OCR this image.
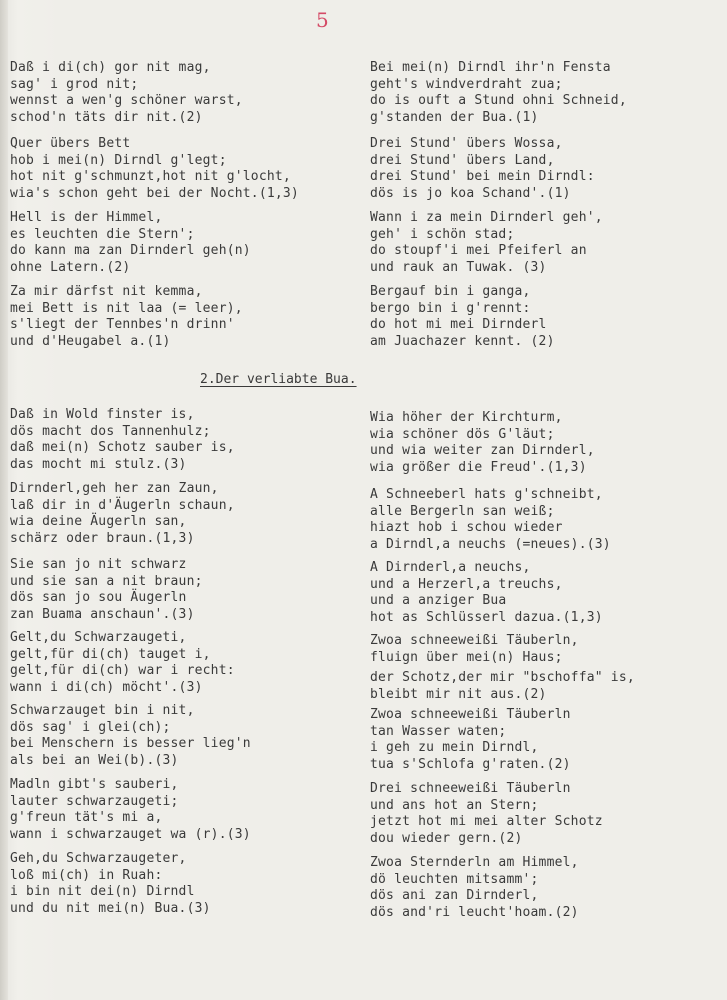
5
Daß i di(ch) gor nit mag,
sag' i grod nit;
wennst a wen'g schöner warst,
schod'n täts dir nit.(2)
Quer übers Bett
hob i mei(n) Dirndl g'legt;
hot nit g'schmunzt,hot nit g'locht,
wia's schon geht bei der Nocht.(1,3)
Hell is der Himmel,
es leuchten die Stern';
do kann ma zan Dirnderl geh(n)
ohne Latern.(2)
Za mir därfst nit kemma,
mei Bett is nit laa (= leer),
s'liegt der Tennbes'n drinn'
und d'Heugabel a.(1)
Bei mei(n) Dirndl ihr'n Fensta
geht's windverdraht zua;
do is ouft a Stund ohni Schneid,
g'standen der Bua.(1)
Drei Stund' übers Wossa,
drei Stund' übers Land,
drei Stund' bei mein Dirndl:
dös is jo koa Schand'.(1)
Wann i za mein Dirnderl geh',
geh' i schön stad;
do stoupf'i mei Pfeiferl an
und rauk an Tuwak. (3)
Bergauf bin i ganga,
bergo bin i g'rennt:
do hot mi mei Dirnderl
am Juachazer kennt. (2)
2.Der verliabte Bua.
Daß in Wold finster is,
dös macht dos Tannenhulz;
daß mei(n) Schotz sauber is,
das mocht mi stulz.(3)
Dirnderl,geh her zan Zaun,
laß dir in d'Äugerln schaun,
wia deine Äugerln san,
schärz oder braun.(1,3)
Sie san jo nit schwarz
und sie san a nit braun;
dös san jo sou Äugerln
zan Buama anschaun'.(3)
Gelt,du Schwarzaugeti,
gelt,für di(ch) tauget i,
gelt,für di(ch) war i recht:
wann i di(ch) möcht'.(3)
Schwarzauget bin i nit,
dös sag' i glei(ch);
bei Menschern is besser lieg'n
als bei an Wei(b).(3)
Madln gibt's sauberi,
lauter schwarzaugeti;
g'freun tät's mi a,
wann i schwarzauget wa (r).(3)
Geh,du Schwarzaugeter,
loß mi(ch) in Ruah:
i bin nit dei(n) Dirndl
und du nit mei(n) Bua.(3)
Wia höher der Kirchturm,
wia schöner dös G'läut;
und wia weiter zan Dirnderl,
wia größer die Freud'.(1,3)
A Schneeberl hats g'schneibt,
alle Bergerln san weiß;
hiazt hob i schou wieder
a Dirndl,a neuchs (=neues).(3)
A Dirnderl,a neuchs,
und a Herzerl,a treuchs,
und a anziger Bua
hot as Schlüsserl dazua.(1,3)
Zwoa schneeweißi Täuberln,
fluign über mei(n) Haus;
der Schotz,der mir "bschoffa" is,
bleibt mir nit aus.(2)
Zwoa schneeweißi Täuberln
tan Wasser waten;
i geh zu mein Dirndl,
tua s'Schlofa g'raten.(2)
Drei schneeweißi Täuberln
und ans hot an Stern;
jetzt hot mi mei alter Schotz
dou wieder gern.(2)
Zwoa Sternderln am Himmel,
dö leuchten mitsamm';
dös ani zan Dirnderl,
dös and'ri leucht'hoam.(2)
